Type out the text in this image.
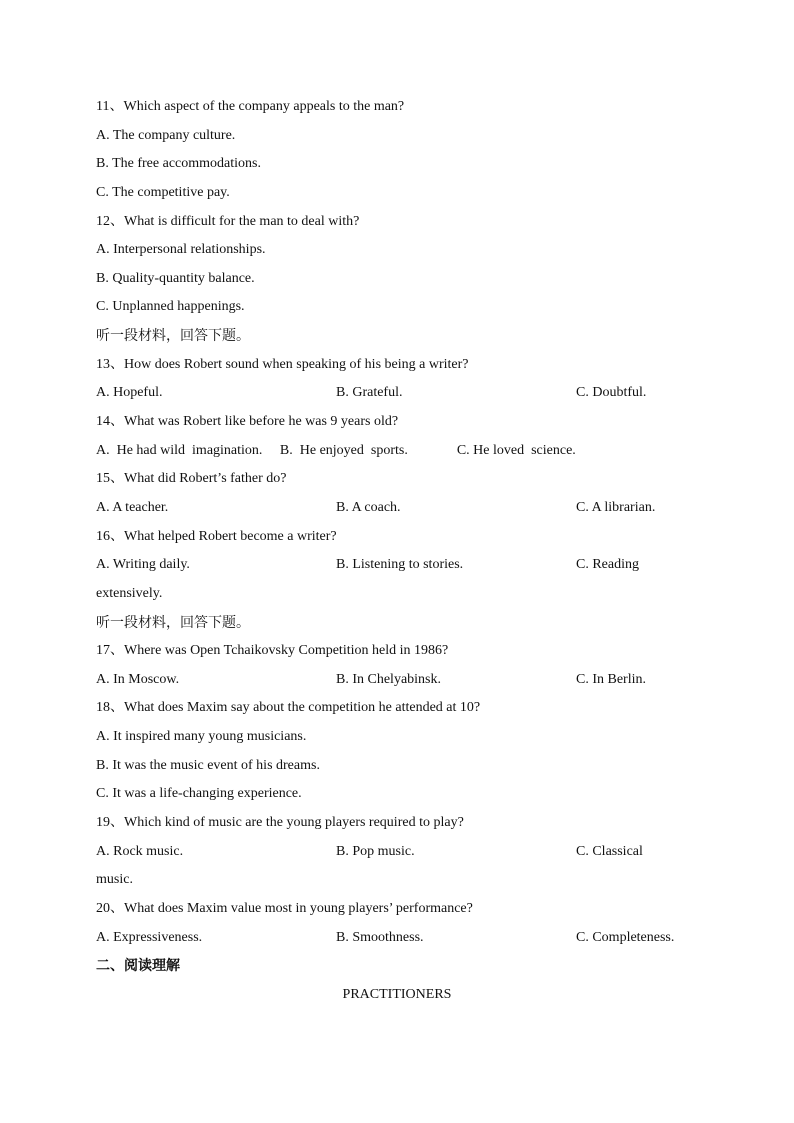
11、Which aspect of the company appeals to the man?
A. The company culture.
B. The free accommodations.
C. The competitive pay.
12、What is difficult for the man to deal with?
A. Interpersonal relationships.
B. Quality-quantity balance.
C. Unplanned happenings.
听一段材料，回答下题。
13、How does Robert sound when speaking of his being a writer?
A. Hopeful.	B. Grateful.	C. Doubtful.
14、What was Robert like before he was 9 years old?
A.  He had wild  imagination.     B.  He enjoyed  sports.              C. He loved  science.
15、What did Robert’s father do?
A. A teacher.	B. A coach.	C. A librarian.
16、What helped Robert become a writer?
A. Writing daily.	B. Listening to stories.	C. Reading
extensively.
听一段材料，回答下题。
17、Where was Open Tchaikovsky Competition held in 1986?
A. In Moscow.	B. In Chelyabinsk.	C. In Berlin.
18、What does Maxim say about the competition he attended at 10?
A. It inspired many young musicians.
B. It was the music event of his dreams.
C. It was a life-changing experience.
19、Which kind of music are the young players required to play?
A. Rock music.	B. Pop music.	C. Classical
music.
20、What does Maxim value most in young players’ performance?
A. Expressiveness.	B. Smoothness.	C. Completeness.
二、阅读理解
PRACTITIONERS
